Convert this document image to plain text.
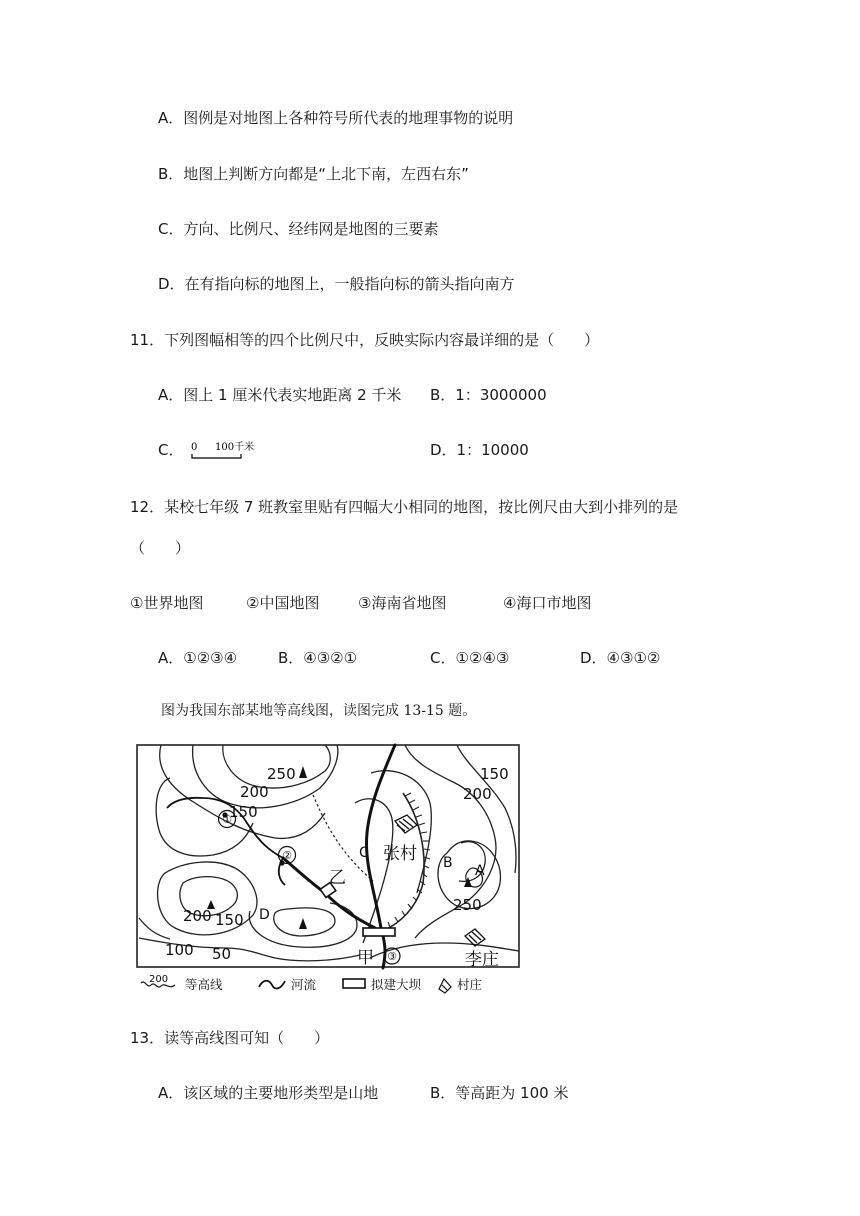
A．图例是对地图上各种符号所代表的地理事物的说明
B．地图上判断方向都是“上北下南，左西右东”
C．方向、比例尺、经纬网是地图的三要素
D．在有指向标的地图上，一般指向标的箭头指向南方
11．下列图幅相等的四个比例尺中，反映实际内容最详细的是（　　）
A．图上 1 厘米代表实地距离 2 千米 B．1：3000000
C． 0 100千米	D．1：10000
12．某校七年级 7 班教室里贴有四幅大小相同的地图，按比例尺由大到小排列的是
（　　）
①世界地图	②中国地图	③海南省地图	④海口市地图
A．①②③④	B．④③②①	C．①②④③	D．④③①②
图为我国东部某地等高线图，读图完成 13-15 题。
250
200
150
150
200
200 150
250
100 50
C
B A
D
乙
甲
张村
李庄
①
②
③
200 等高线	河流	拟建大坝	村庄
13．读等高线图可知（　　）
A．该区域的主要地形类型是山地	B．等高距为 100 米
